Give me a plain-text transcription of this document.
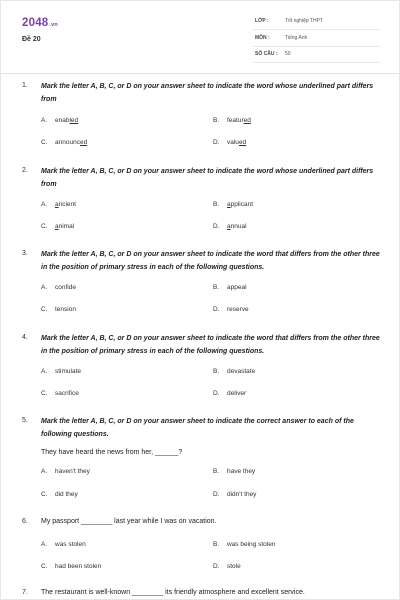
2048.vn
Đề 20
LỚP :	Tốt nghiệp THPT
MÔN :	Tiếng Anh
SỐ CÂU : 50
1. Mark the letter A, B, C, or D on your answer sheet to indicate the word whose underlined part differs from
A. enabled	B. featured
C. announced	D. valued
2. Mark the letter A, B, C, or D on your answer sheet to indicate the word whose underlined part differs from
A. ancient	B. applicant
C. animal	D. annual
3. Mark the letter A, B, C, or D on your answer sheet to indicate the word that differs from the other three in the position of primary stress in each of the following questions.
A. confide	B. appeal
C. tension	D. reserve
4. Mark the letter A, B, C, or D on your answer sheet to indicate the word that differs from the other three in the position of primary stress in each of the following questions.
A. stimulate	B. devastate
C. sacrifice	D. deliver
5. Mark the letter A, B, C, or D on your answer sheet to indicate the correct answer to each of the following questions.
They have heard the news from her, ______?
A. haven't they	B. have they
C. did they	D. didn't they
6. My passport ________ last year while I was on vacation.
A. was stolen	B. was being stolen
C. had been stolen	D. stole
7. The restaurant is well-known ________ its friendly atmosphere and excellent service.
